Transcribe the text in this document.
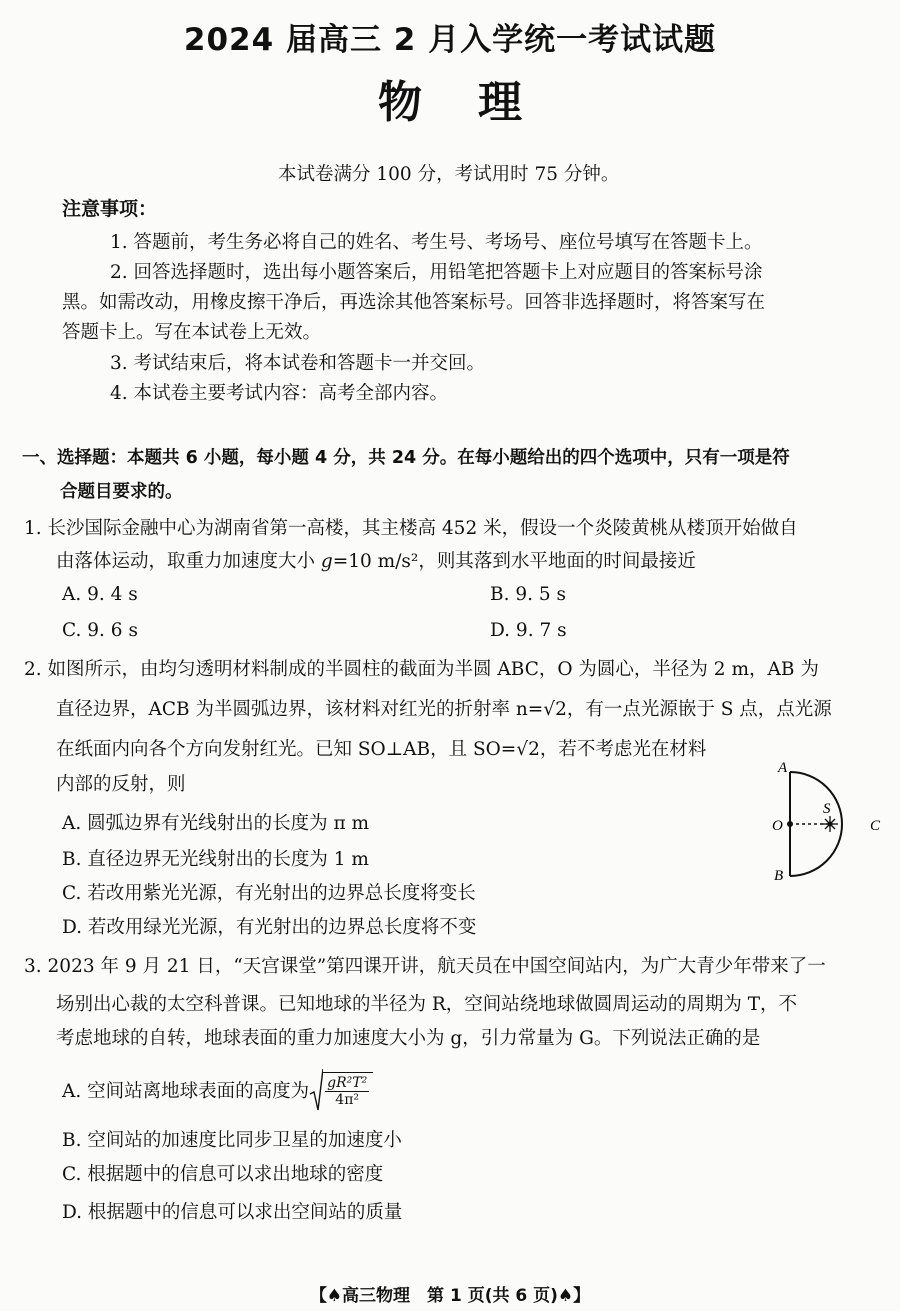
2024 届高三 2 月入学统一考试试题
物理
本试卷满分 100 分，考试用时 75 分钟。
注意事项：
1. 答题前，考生务必将自己的姓名、考生号、考场号、座位号填写在答题卡上。
2. 回答选择题时，选出每小题答案后，用铅笔把答题卡上对应题目的答案标号涂
黑。如需改动，用橡皮擦干净后，再选涂其他答案标号。回答非选择题时，将答案写在
答题卡上。写在本试卷上无效。
3. 考试结束后，将本试卷和答题卡一并交回。
4. 本试卷主要考试内容：高考全部内容。
一、选择题：本题共 6 小题，每小题 4 分，共 24 分。在每小题给出的四个选项中，只有一项是符
合题目要求的。
1. 长沙国际金融中心为湖南省第一高楼，其主楼高 452 米，假设一个炎陵黄桃从楼顶开始做自
由落体运动，取重力加速度大小 g=10 m/s²，则其落到水平地面的时间最接近
A. 9. 4 s	B. 9. 5 s
C. 9. 6 s	D. 9. 7 s
2. 如图所示，由均匀透明材料制成的半圆柱的截面为半圆 ABC，O 为圆心，半径为 2 m，AB 为
直径边界，ACB 为半圆弧边界，该材料对红光的折射率 n=√2，有一点光源嵌于 S 点，点光源
在纸面内向各个方向发射红光。已知 SO⊥AB，且 SO=√2，若不考虑光在材料
内部的反射，则
A. 圆弧边界有光线射出的长度为 π m
B. 直径边界无光线射出的长度为 1 m
C. 若改用紫光光源，有光射出的边界总长度将变长
D. 若改用绿光光源，有光射出的边界总长度将不变
A
B
C
O
S
3. 2023 年 9 月 21 日，“天宫课堂”第四课开讲，航天员在中国空间站内，为广大青少年带来了一
场别出心裁的太空科普课。已知地球的半径为 R，空间站绕地球做圆周运动的周期为 T，不
考虑地球的自转，地球表面的重力加速度大小为 g，引力常量为 G。下列说法正确的是
A. 空间站离地球表面的高度为 $\frac{\text{gR²T²}}{\text{4π²}}$
B. 空间站的加速度比同步卫星的加速度小
C. 根据题中的信息可以求出地球的密度
D. 根据题中的信息可以求出空间站的质量
【♠高三物理　第 1 页(共 6 页)♠】
